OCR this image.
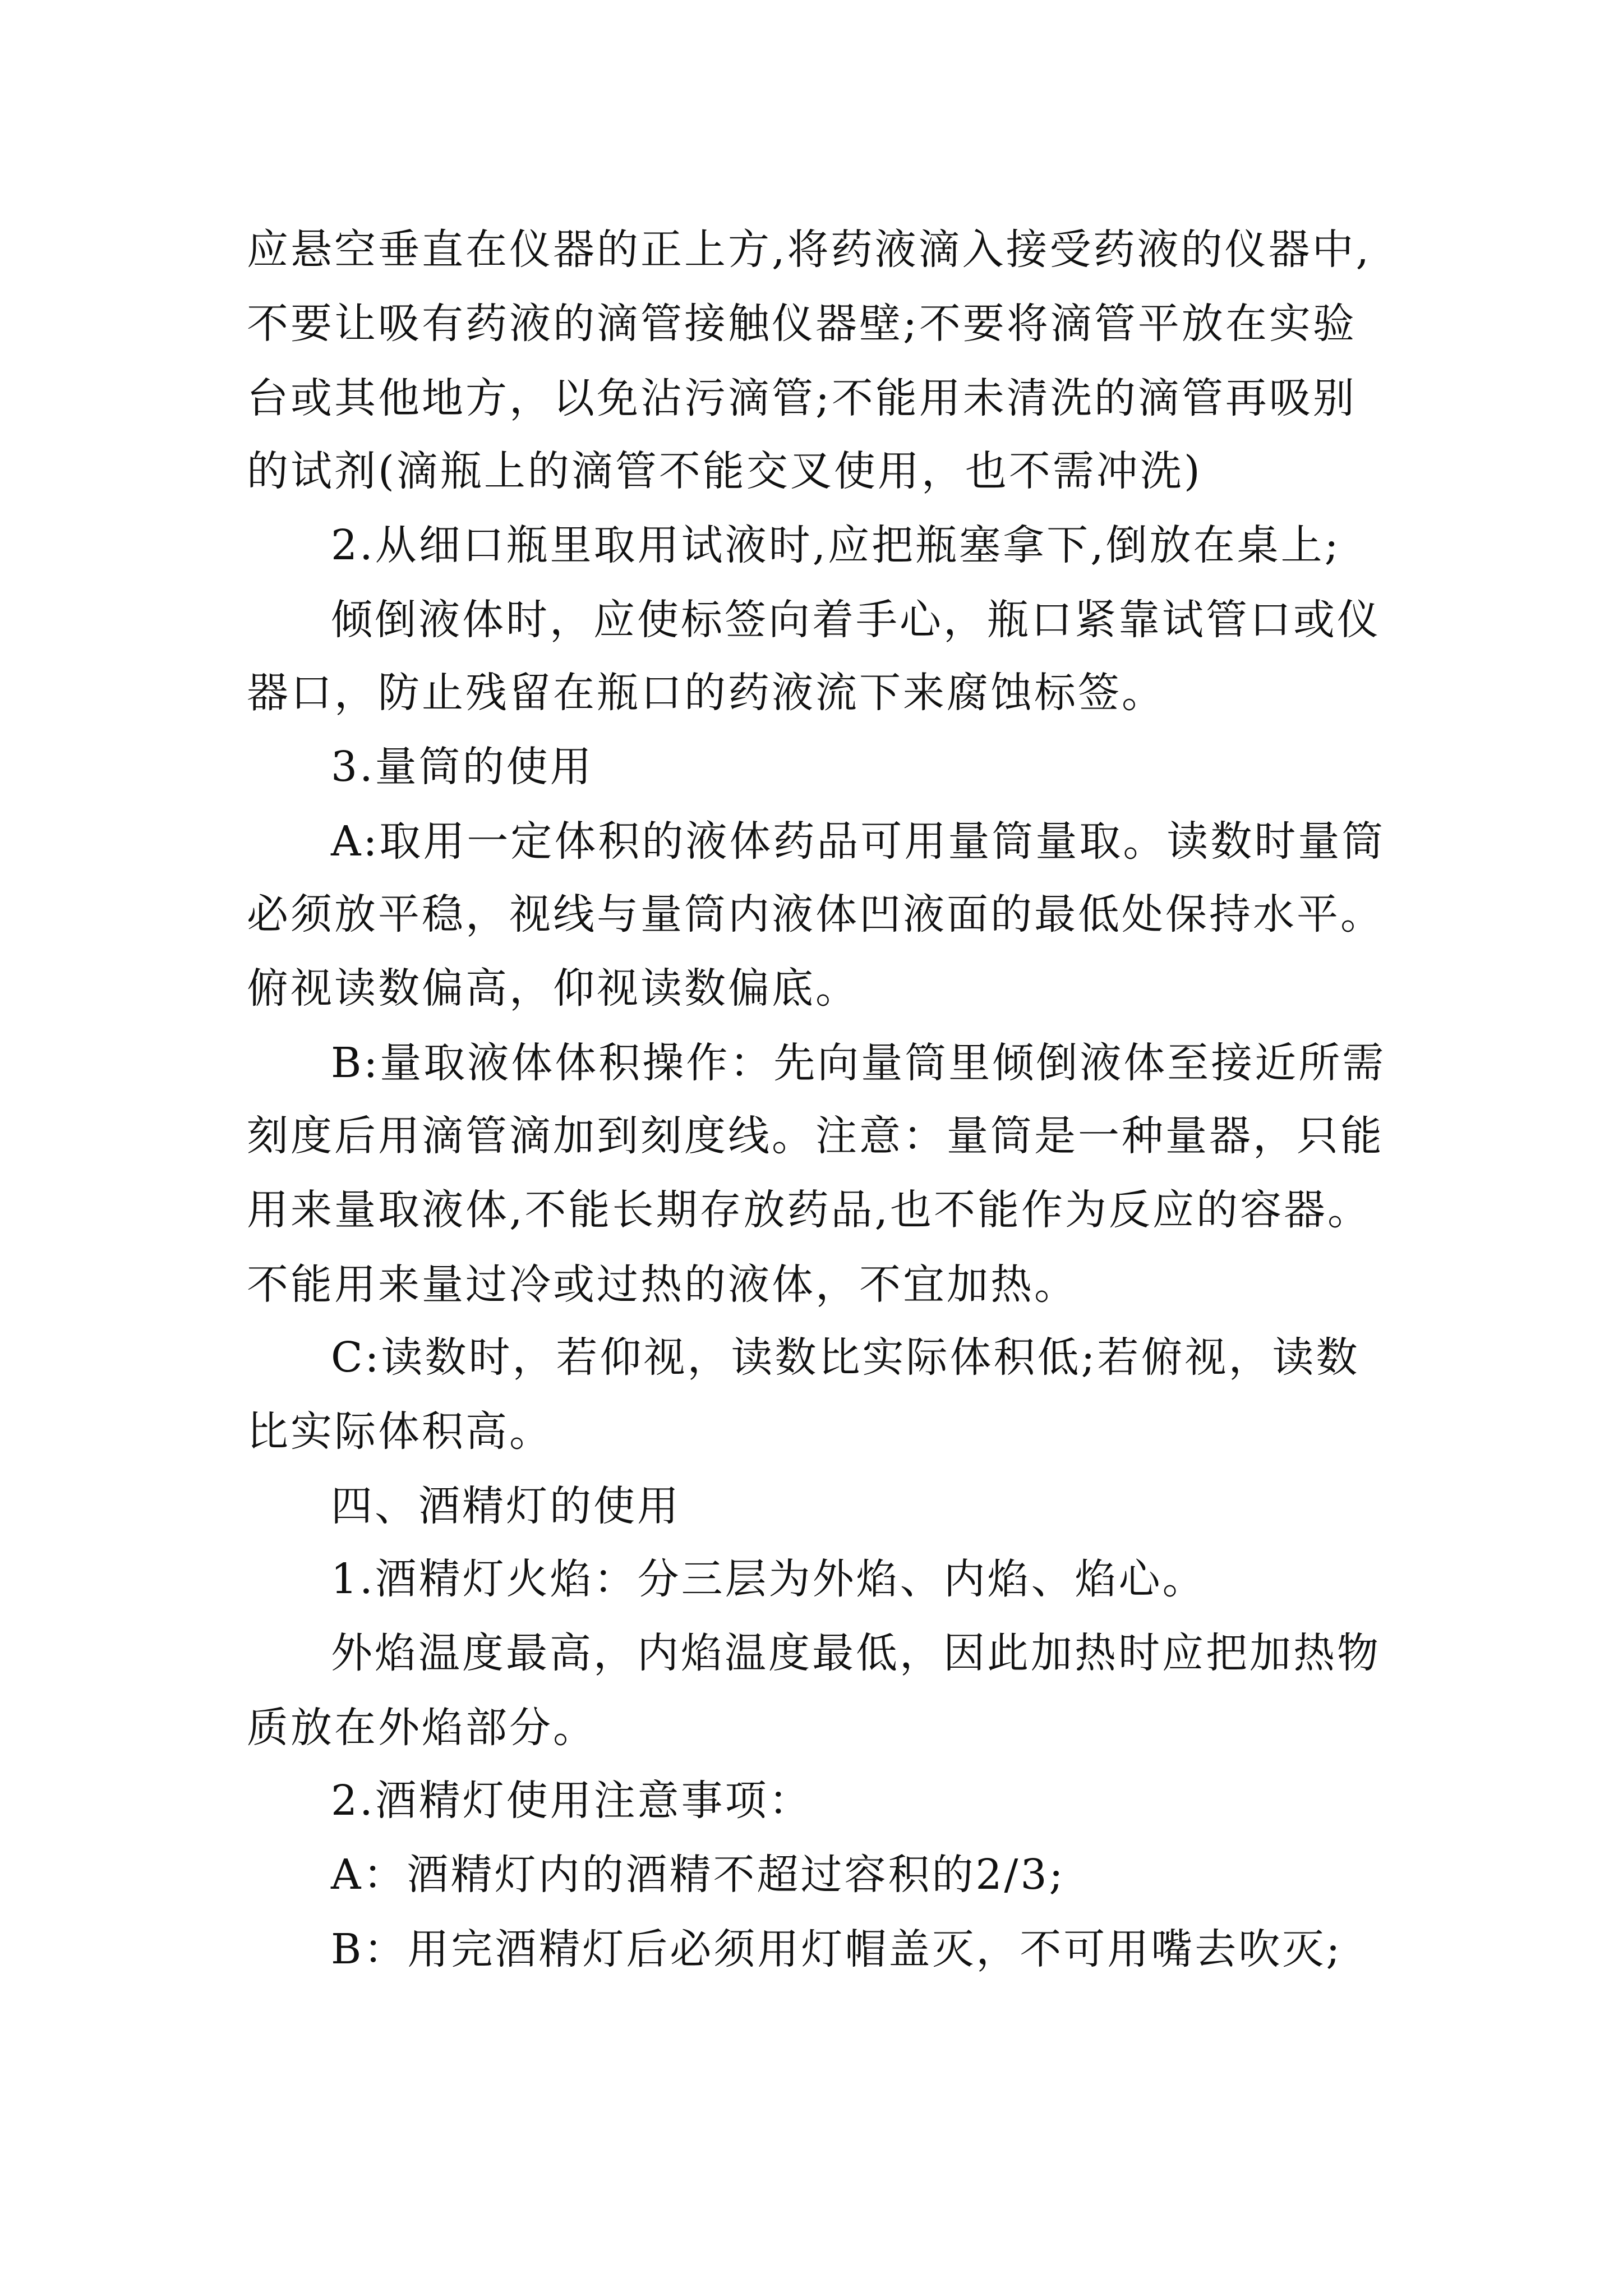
应悬空垂直在仪器的正上方,将药液滴入接受药液的仪器中,

不要让吸有药液的滴管接触仪器壁;不要将滴管平放在实验

台或其他地方，以免沾污滴管;不能用未清洗的滴管再吸别

的试剂(滴瓶上的滴管不能交叉使用，也不需冲洗)

2.从细口瓶里取用试液时,应把瓶塞拿下,倒放在桌上;

倾倒液体时，应使标签向着手心，瓶口紧靠试管口或仪

器口，防止残留在瓶口的药液流下来腐蚀标签。

3.量筒的使用

A:取用一定体积的液体药品可用量筒量取。读数时量筒

必须放平稳，视线与量筒内液体凹液面的最低处保持水平。

俯视读数偏高，仰视读数偏底。

B:量取液体体积操作：先向量筒里倾倒液体至接近所需

刻度后用滴管滴加到刻度线。注意：量筒是一种量器，只能

用来量取液体,不能长期存放药品,也不能作为反应的容器。

不能用来量过冷或过热的液体，不宜加热。

C:读数时，若仰视，读数比实际体积低;若俯视，读数

比实际体积高。

四、酒精灯的使用

1.酒精灯火焰：分三层为外焰、内焰、焰心。

外焰温度最高，内焰温度最低，因此加热时应把加热物

质放在外焰部分。

2.酒精灯使用注意事项：

A：酒精灯内的酒精不超过容积的2/3;

B：用完酒精灯后必须用灯帽盖灭，不可用嘴去吹灭;
